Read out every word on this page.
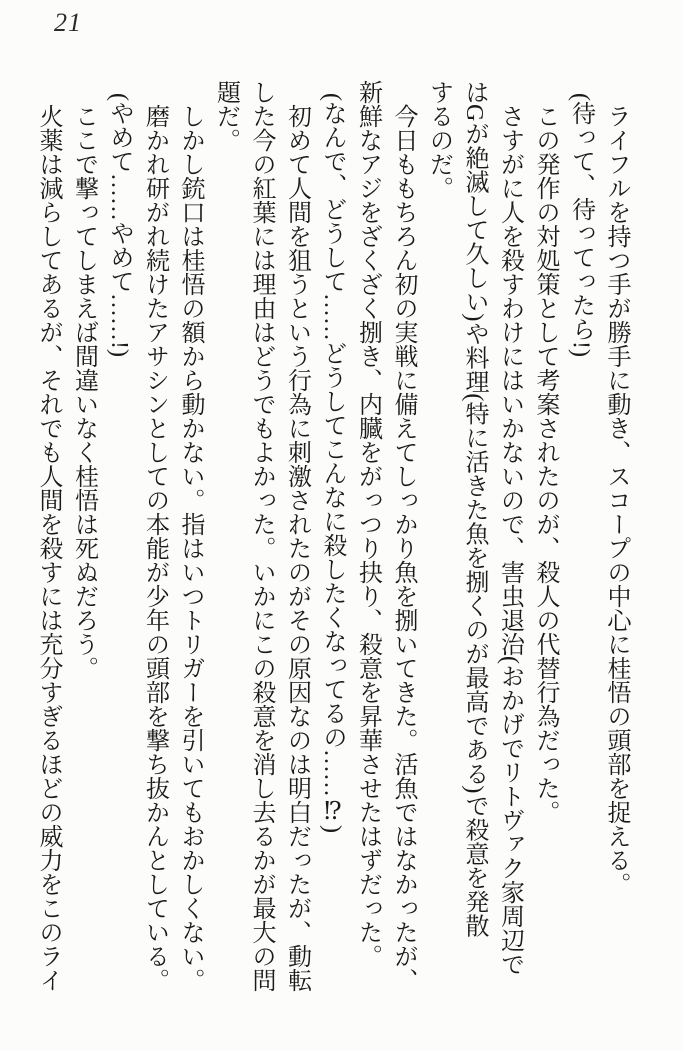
21
ライフルを持つ手が勝手に動き、スコープの中心に桂悟の頭部を捉える。
(待って、待ってったら!)
この発作の対処策として考案されたのが、殺人の代替行為だった。
さすがに人を殺すわけにはいかないので、害虫退治(おかげでリトヴァク家周辺で
はGが絶滅して久しい)や料理(特に活きた魚を捌くのが最高である)で殺意を発散
するのだ。
今日ももちろん初の実戦に備えてしっかり魚を捌いてきた。活魚ではなかったが、
新鮮なアジをざくざく捌き、内臓をがっつり抉り、殺意を昇華させたはずだった。
(なんで、どうして……どうしてこんなに殺したくなってるの……⁉)
初めて人間を狙うという行為に刺激されたのがその原因なのは明白だったが、動転
した今の紅葉には理由はどうでもよかった。いかにこの殺意を消し去るかが最大の問
題だ。
しかし銃口は桂悟の額から動かない。指はいつトリガーを引いてもおかしくない。
磨かれ研がれ続けたアサシンとしての本能が少年の頭部を撃ち抜かんとしている。
(やめて……やめて……!)
ここで撃ってしまえば間違いなく桂悟は死ぬだろう。
火薬は減らしてあるが、それでも人間を殺すには充分すぎるほどの威力をこのライ
